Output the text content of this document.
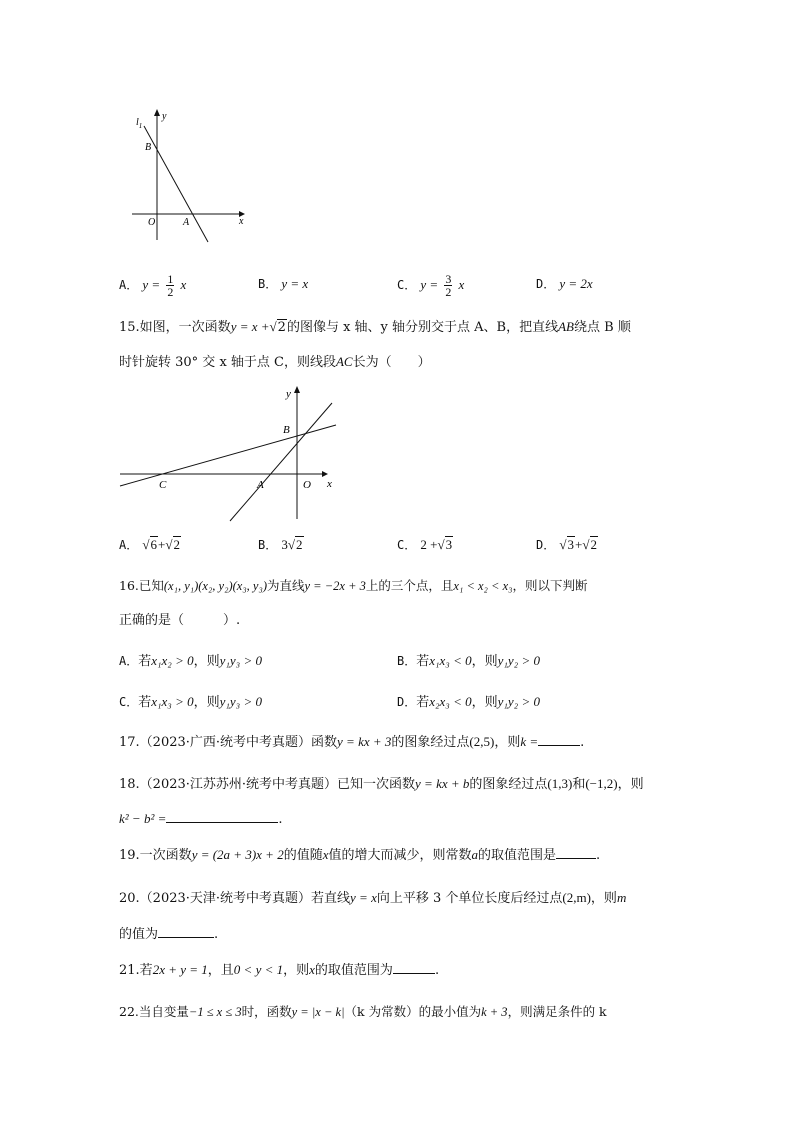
$l_1$
y
B
O	A	x
A． $y = \frac{1}{2}$ x	B． y = x	C． $y = \frac{3}{2}$ x	D． y = 2x
15.如图，一次函数y = x +√2的图像与 x 轴、y 轴分别交于点 A、B，把直线AB绕点 B 顺
时针旋转 30° 交 x 轴于点 C，则线段AC长为（　　）
y
B
C	A	O x
A． √6+√2	B． 3√2	C． 2 +√3	D． √3+√2
16.已知(x₁, y₁)(x₂, y₂)(x₃, y₃)为直线y = −2x + 3上的三个点，且x₁ < x₂ < x₃，则以下判断
正确的是（　　　）.
A．若x₁x₂ > 0，则y₁y₃ > 0	B．若x₁x₃ < 0，则y₁y₂ > 0
C．若x₁x₃ > 0，则y₁y₃ > 0	D．若x₂x₃ < 0，则y₁y₂ > 0
17.（2023·广西·统考中考真题）函数y = kx + 3的图象经过点(2,5)，则k =	.
18.（2023·江苏苏州·统考中考真题）已知一次函数y = kx + b的图象经过点(1,3)和(−1,2)，则
k² − b² =	.
19.一次函数y = (2a + 3)x + 2的值随x值的增大而减少，则常数a的取值范围是	.
20.（2023·天津·统考中考真题）若直线y = x向上平移 3 个单位长度后经过点(2,m)，则m
的值为	.
21.若2x + y = 1，且0 < y < 1，则x的取值范围为	.
22.当自变量−1 ≤ x ≤ 3时，函数y = |x − k|（k 为常数）的最小值为k + 3，则满足条件的 k
